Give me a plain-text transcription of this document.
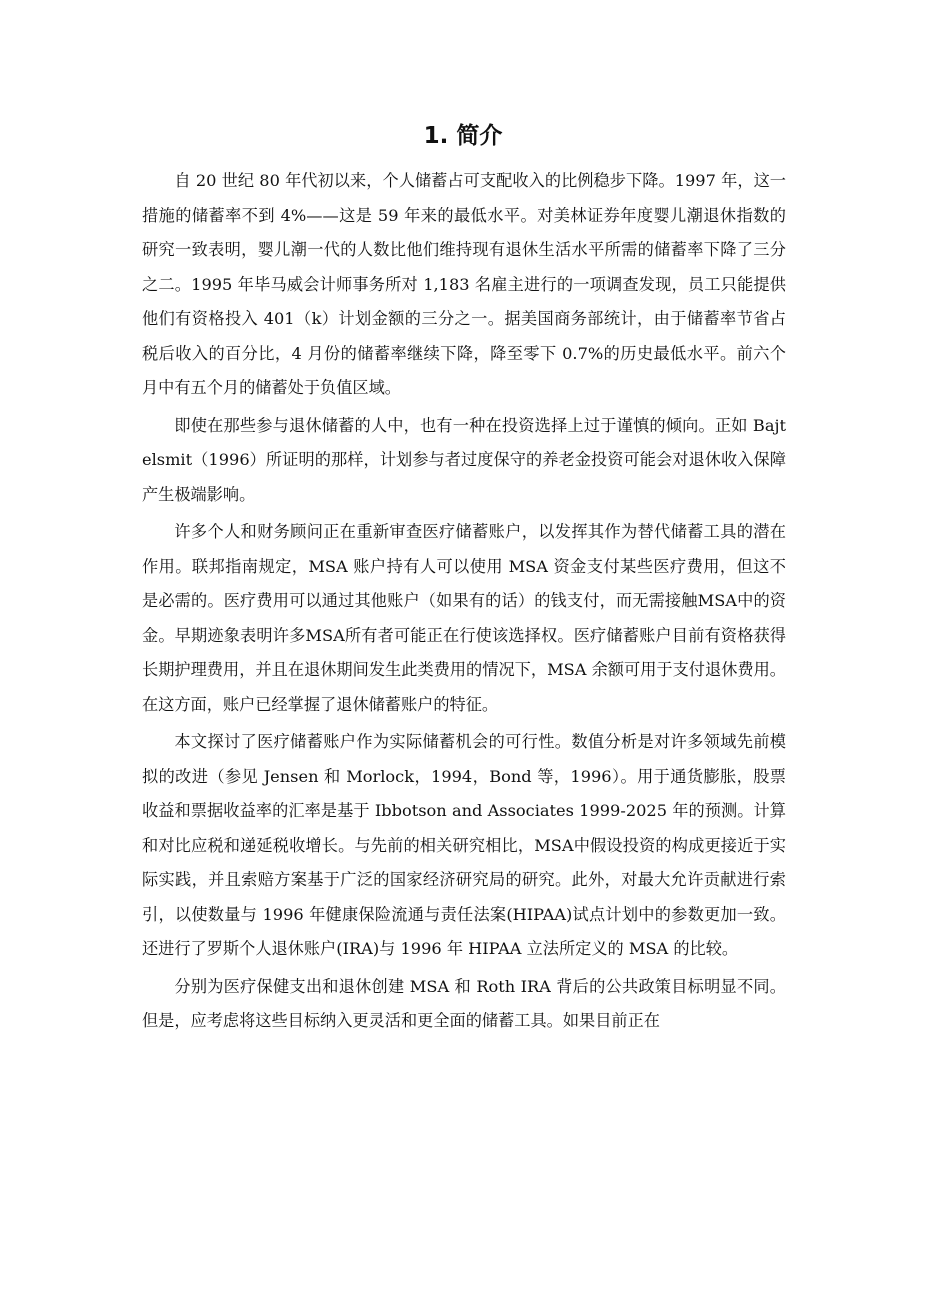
1. 简介

自 20 世纪 80 年代初以来，个人储蓄占可支配收入的比例稳步下降。1997 年，这一措施的储蓄率不到 4%——这是 59 年来的最低水平。对美林证券年度婴儿潮退休指数的研究一致表明，婴儿潮一代的人数比他们维持现有退休生活水平所需的储蓄率下降了三分之二。1995 年毕马威会计师事务所对 1,183 名雇主进行的一项调查发现，员工只能提供他们有资格投入 401（k）计划金额的三分之一。据美国商务部统计，由于储蓄率节省占税后收入的百分比，4 月份的储蓄率继续下降，降至零下 0.7%的历史最低水平。前六个月中有五个月的储蓄处于负值区域。

即使在那些参与退休储蓄的人中，也有一种在投资选择上过于谨慎的倾向。正如 Bajtelsmit（1996）所证明的那样，计划参与者过度保守的养老金投资可能会对退休收入保障产生极端影响。

许多个人和财务顾问正在重新审查医疗储蓄账户，以发挥其作为替代储蓄工具的潜在作用。联邦指南规定，MSA 账户持有人可以使用 MSA 资金支付某些医疗费用，但这不是必需的。医疗费用可以通过其他账户（如果有的话）的钱支付，而无需接触MSA中的资金。早期迹象表明许多MSA所有者可能正在行使该选择权。医疗储蓄账户目前有资格获得长期护理费用，并且在退休期间发生此类费用的情况下，MSA 余额可用于支付退休费用。在这方面，账户已经掌握了退休储蓄账户的特征。

本文探讨了医疗储蓄账户作为实际储蓄机会的可行性。数值分析是对许多领域先前模拟的改进（参见 Jensen 和 Morlock，1994，Bond 等，1996）。用于通货膨胀，股票收益和票据收益率的汇率是基于 Ibbotson and Associates 1999-2025 年的预测。计算和对比应税和递延税收增长。与先前的相关研究相比，MSA中假设投资的构成更接近于实际实践，并且索赔方案基于广泛的国家经济研究局的研究。此外，对最大允许贡献进行索引，以使数量与 1996 年健康保险流通与责任法案(HIPAA)试点计划中的参数更加一致。还进行了罗斯个人退休账户(IRA)与 1996 年 HIPAA 立法所定义的 MSA 的比较。

分别为医疗保健支出和退休创建 MSA 和 Roth IRA 背后的公共政策目标明显不同。但是，应考虑将这些目标纳入更灵活和更全面的储蓄工具。如果目前正在
